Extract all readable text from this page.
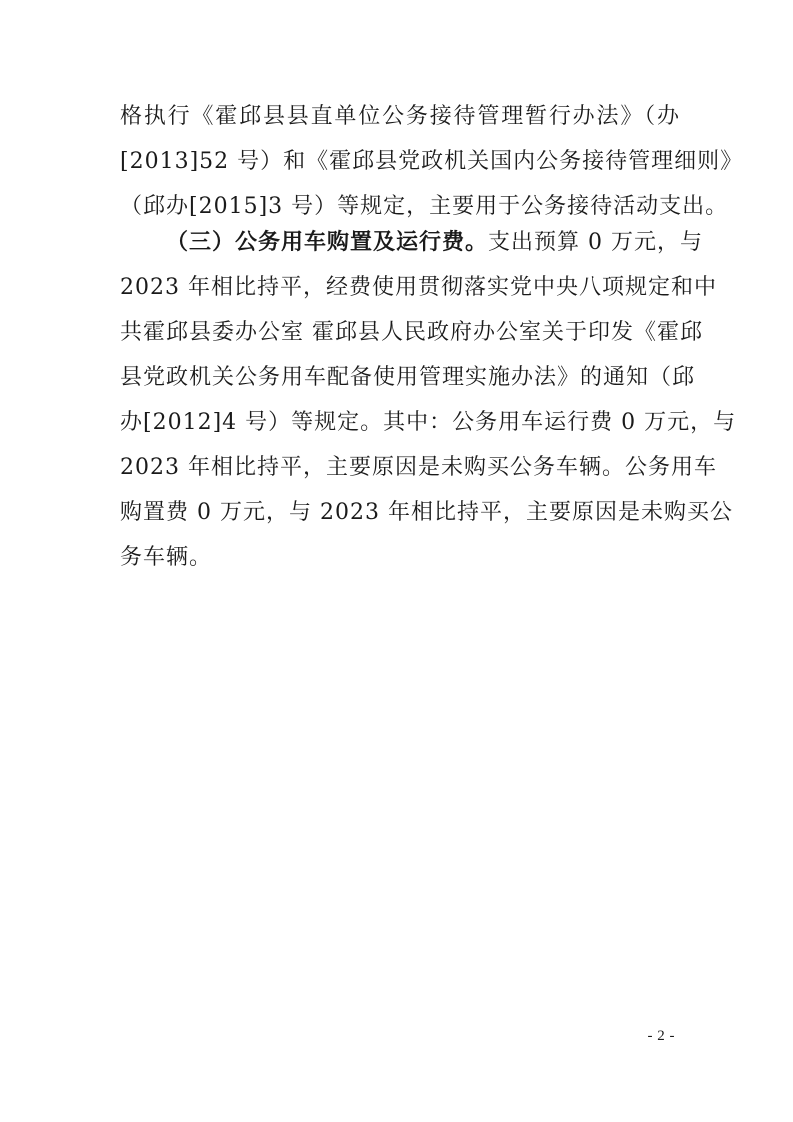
格执行《霍邱县县直单位公务接待管理暂行办法》（办
[2013]52 号）和《霍邱县党政机关国内公务接待管理细则》
（邱办[2015]3 号）等规定，主要用于公务接待活动支出。
（三）公务用车购置及运行费。支出预算 0 万元，与
2023 年相比持平，经费使用贯彻落实党中央八项规定和中
共霍邱县委办公室 霍邱县人民政府办公室关于印发《霍邱
县党政机关公务用车配备使用管理实施办法》的通知（邱
办[2012]4 号）等规定。其中：公务用车运行费 0 万元，与
2023 年相比持平，主要原因是未购买公务车辆。公务用车
购置费 0 万元，与 2023 年相比持平，主要原因是未购买公
务车辆。
- 2 -
